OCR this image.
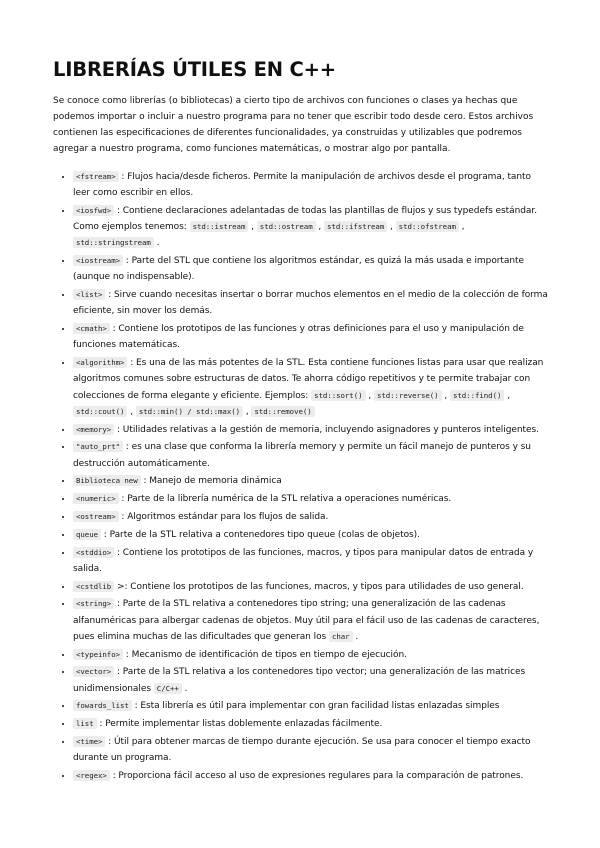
LIBRERÍAS ÚTILES EN C++

Se conoce como librerías (o bibliotecas) a cierto tipo de archivos con funciones o clases ya hechas que podemos importar o incluir a nuestro programa para no tener que escribir todo desde cero. Estos archivos contienen las especificaciones de diferentes funcionalidades, ya construidas y utilizables que podremos agregar a nuestro programa, como funciones matemáticas, o mostrar algo por pantalla.

• <fstream> : Flujos hacia/desde ficheros. Permite la manipulación de archivos desde el programa, tanto leer como escribir en ellos.
• <iosfwd> : Contiene declaraciones adelantadas de todas las plantillas de flujos y sus typedefs estándar. Como ejemplos tenemos: std::istream , std::ostream , std::ifstream , std::ofstream , std::stringstream .
• <iostream> : Parte del STL que contiene los algoritmos estándar, es quizá la más usada e importante (aunque no indispensable).
• <list> : Sirve cuando necesitas insertar o borrar muchos elementos en el medio de la colección de forma eficiente, sin mover los demás.
• <cmath> : Contiene los prototipos de las funciones y otras definiciones para el uso y manipulación de funciones matemáticas.
• <algorithm> : Es una de las más potentes de la STL. Esta contiene funciones listas para usar que realizan algoritmos comunes sobre estructuras de datos. Te ahorra código repetitivos y te permite trabajar con colecciones de forma elegante y eficiente. Ejemplos: std::sort() , std::reverse() , std::find() , std::cout() , std::min() / std::max() , std::remove()
• <memory> : Utilidades relativas a la gestión de memoria, incluyendo asignadores y punteros inteligentes.
• "auto_prt" : es una clase que conforma la librería memory y permite un fácil manejo de punteros y su destrucción automáticamente.
• Biblioteca new : Manejo de memoria dinámica
• <numeric> : Parte de la librería numérica de la STL relativa a operaciones numéricas.
• <ostream> : Algoritmos estándar para los flujos de salida.
• queue : Parte de la STL relativa a contenedores tipo queue (colas de objetos).
• <stddio> : Contiene los prototipos de las funciones, macros, y tipos para manipular datos de entrada y salida.
• <cstdlib >: Contiene los prototipos de las funciones, macros, y tipos para utilidades de uso general.
• <string> : Parte de la STL relativa a contenedores tipo string; una generalización de las cadenas alfanuméricas para albergar cadenas de objetos. Muy útil para el fácil uso de las cadenas de caracteres, pues elimina muchas de las dificultades que generan los char .
• <typeinfo> : Mecanismo de identificación de tipos en tiempo de ejecución.
• <vector> : Parte de la STL relativa a los contenedores tipo vector; una generalización de las matrices unidimensionales C/C++ .
• fowards_list : Esta librería es útil para implementar con gran facilidad listas enlazadas simples
• list : Permite implementar listas doblemente enlazadas fácilmente.
• <time> : Útil para obtener marcas de tiempo durante ejecución. Se usa para conocer el tiempo exacto durante un programa.
• <regex> : Proporciona fácil acceso al uso de expresiones regulares para la comparación de patrones.
